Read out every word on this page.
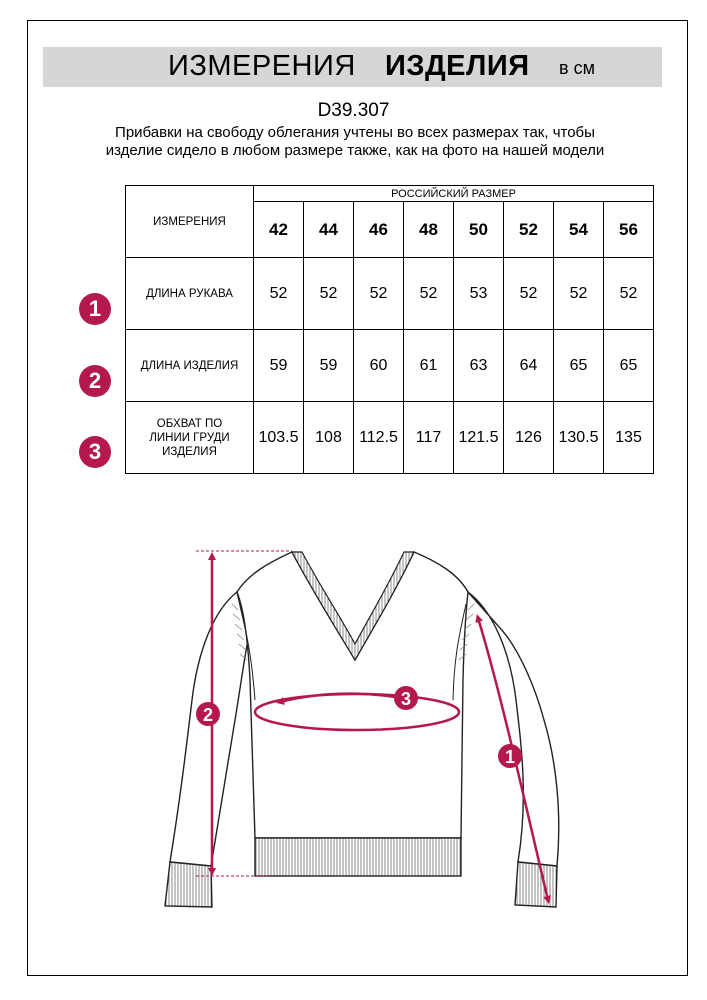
ИЗМЕРЕНИЯ ИЗДЕЛИЯ в см
D39.307
Прибавки на свободу облегания учтены во всех размерах так, чтобы изделие сидело в любом размере также, как на фото на нашей модели
ИЗМЕРЕНИЯ	РОССИЙСКИЙ РАЗМЕР							
	42	44	46	48	50	52	54	56
ДЛИНА РУКАВА	52	52	52	52	53	52	52	52
ДЛИНА ИЗДЕЛИЯ	59	59	60	61	63	64	65	65
ОБХВАТ ПО ЛИНИИ ГРУДИ ИЗДЕЛИЯ	103.5	108	112.5	117	121.5	126	130.5	135
1
2
3
2
3
1
